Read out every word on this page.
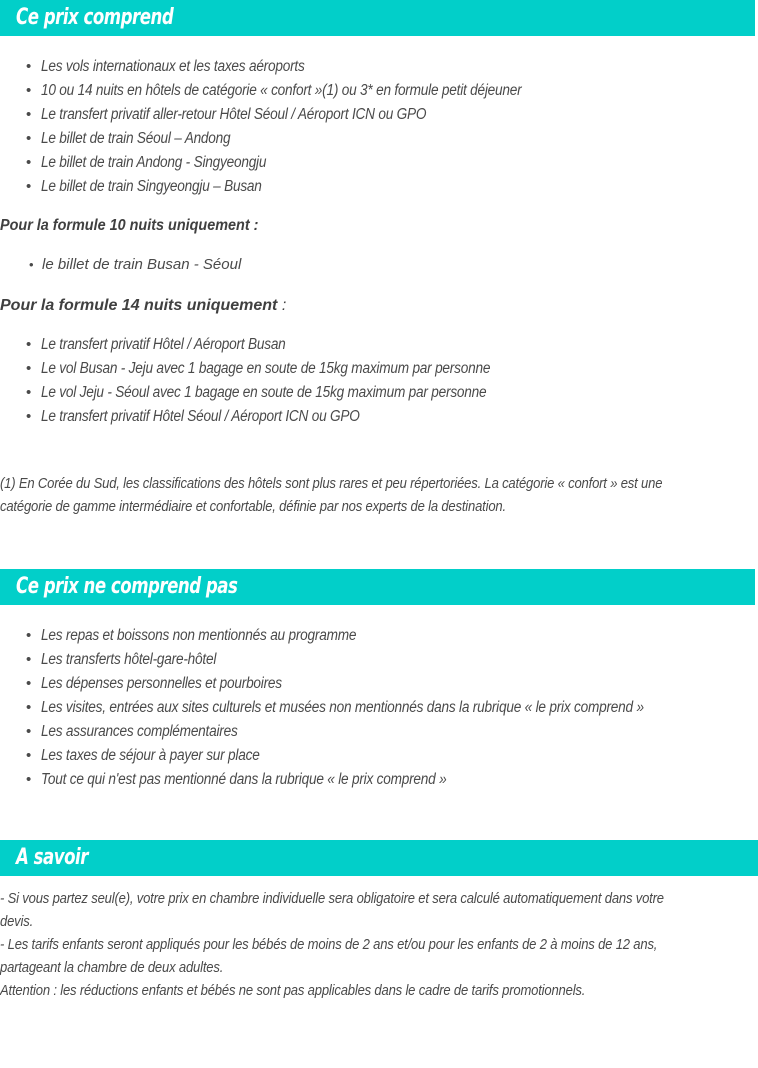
Ce prix comprend
• Les vols internationaux et les taxes aéroports
• 10 ou 14 nuits en hôtels de catégorie « confort »(1) ou 3* en formule petit déjeuner
• Le transfert privatif aller-retour Hôtel Séoul / Aéroport ICN ou GPO
• Le billet de train Séoul – Andong
• Le billet de train Andong - Singyeongju
• Le billet de train Singyeongju – Busan
Pour la formule 10 nuits uniquement :
• le billet de train Busan - Séoul
Pour la formule 14 nuits uniquement :
• Le transfert privatif Hôtel / Aéroport Busan
• Le vol Busan - Jeju avec 1 bagage en soute de 15kg maximum par personne
• Le vol Jeju - Séoul avec 1 bagage en soute de 15kg maximum par personne
• Le transfert privatif Hôtel Séoul / Aéroport ICN ou GPO

(1) En Corée du Sud, les classifications des hôtels sont plus rares et peu répertoriées. La catégorie « confort » est une

catégorie de gamme intermédiaire et confortable, définie par nos experts de la destination.

Ce prix ne comprend pas
• Les repas et boissons non mentionnés au programme
• Les transferts hôtel-gare-hôtel
• Les dépenses personnelles et pourboires
• Les visites, entrées aux sites culturels et musées non mentionnés dans la rubrique « le prix comprend »
• Les assurances complémentaires
• Les taxes de séjour à payer sur place
• Tout ce qui n'est pas mentionné dans la rubrique « le prix comprend »
A savoir

- Si vous partez seul(e), votre prix en chambre individuelle sera obligatoire et sera calculé automatiquement dans votre

devis.

- Les tarifs enfants seront appliqués pour les bébés de moins de 2 ans et/ou pour les enfants de 2 à moins de 12 ans,

partageant la chambre de deux adultes.

Attention : les réductions enfants et bébés ne sont pas applicables dans le cadre de tarifs promotionnels.
